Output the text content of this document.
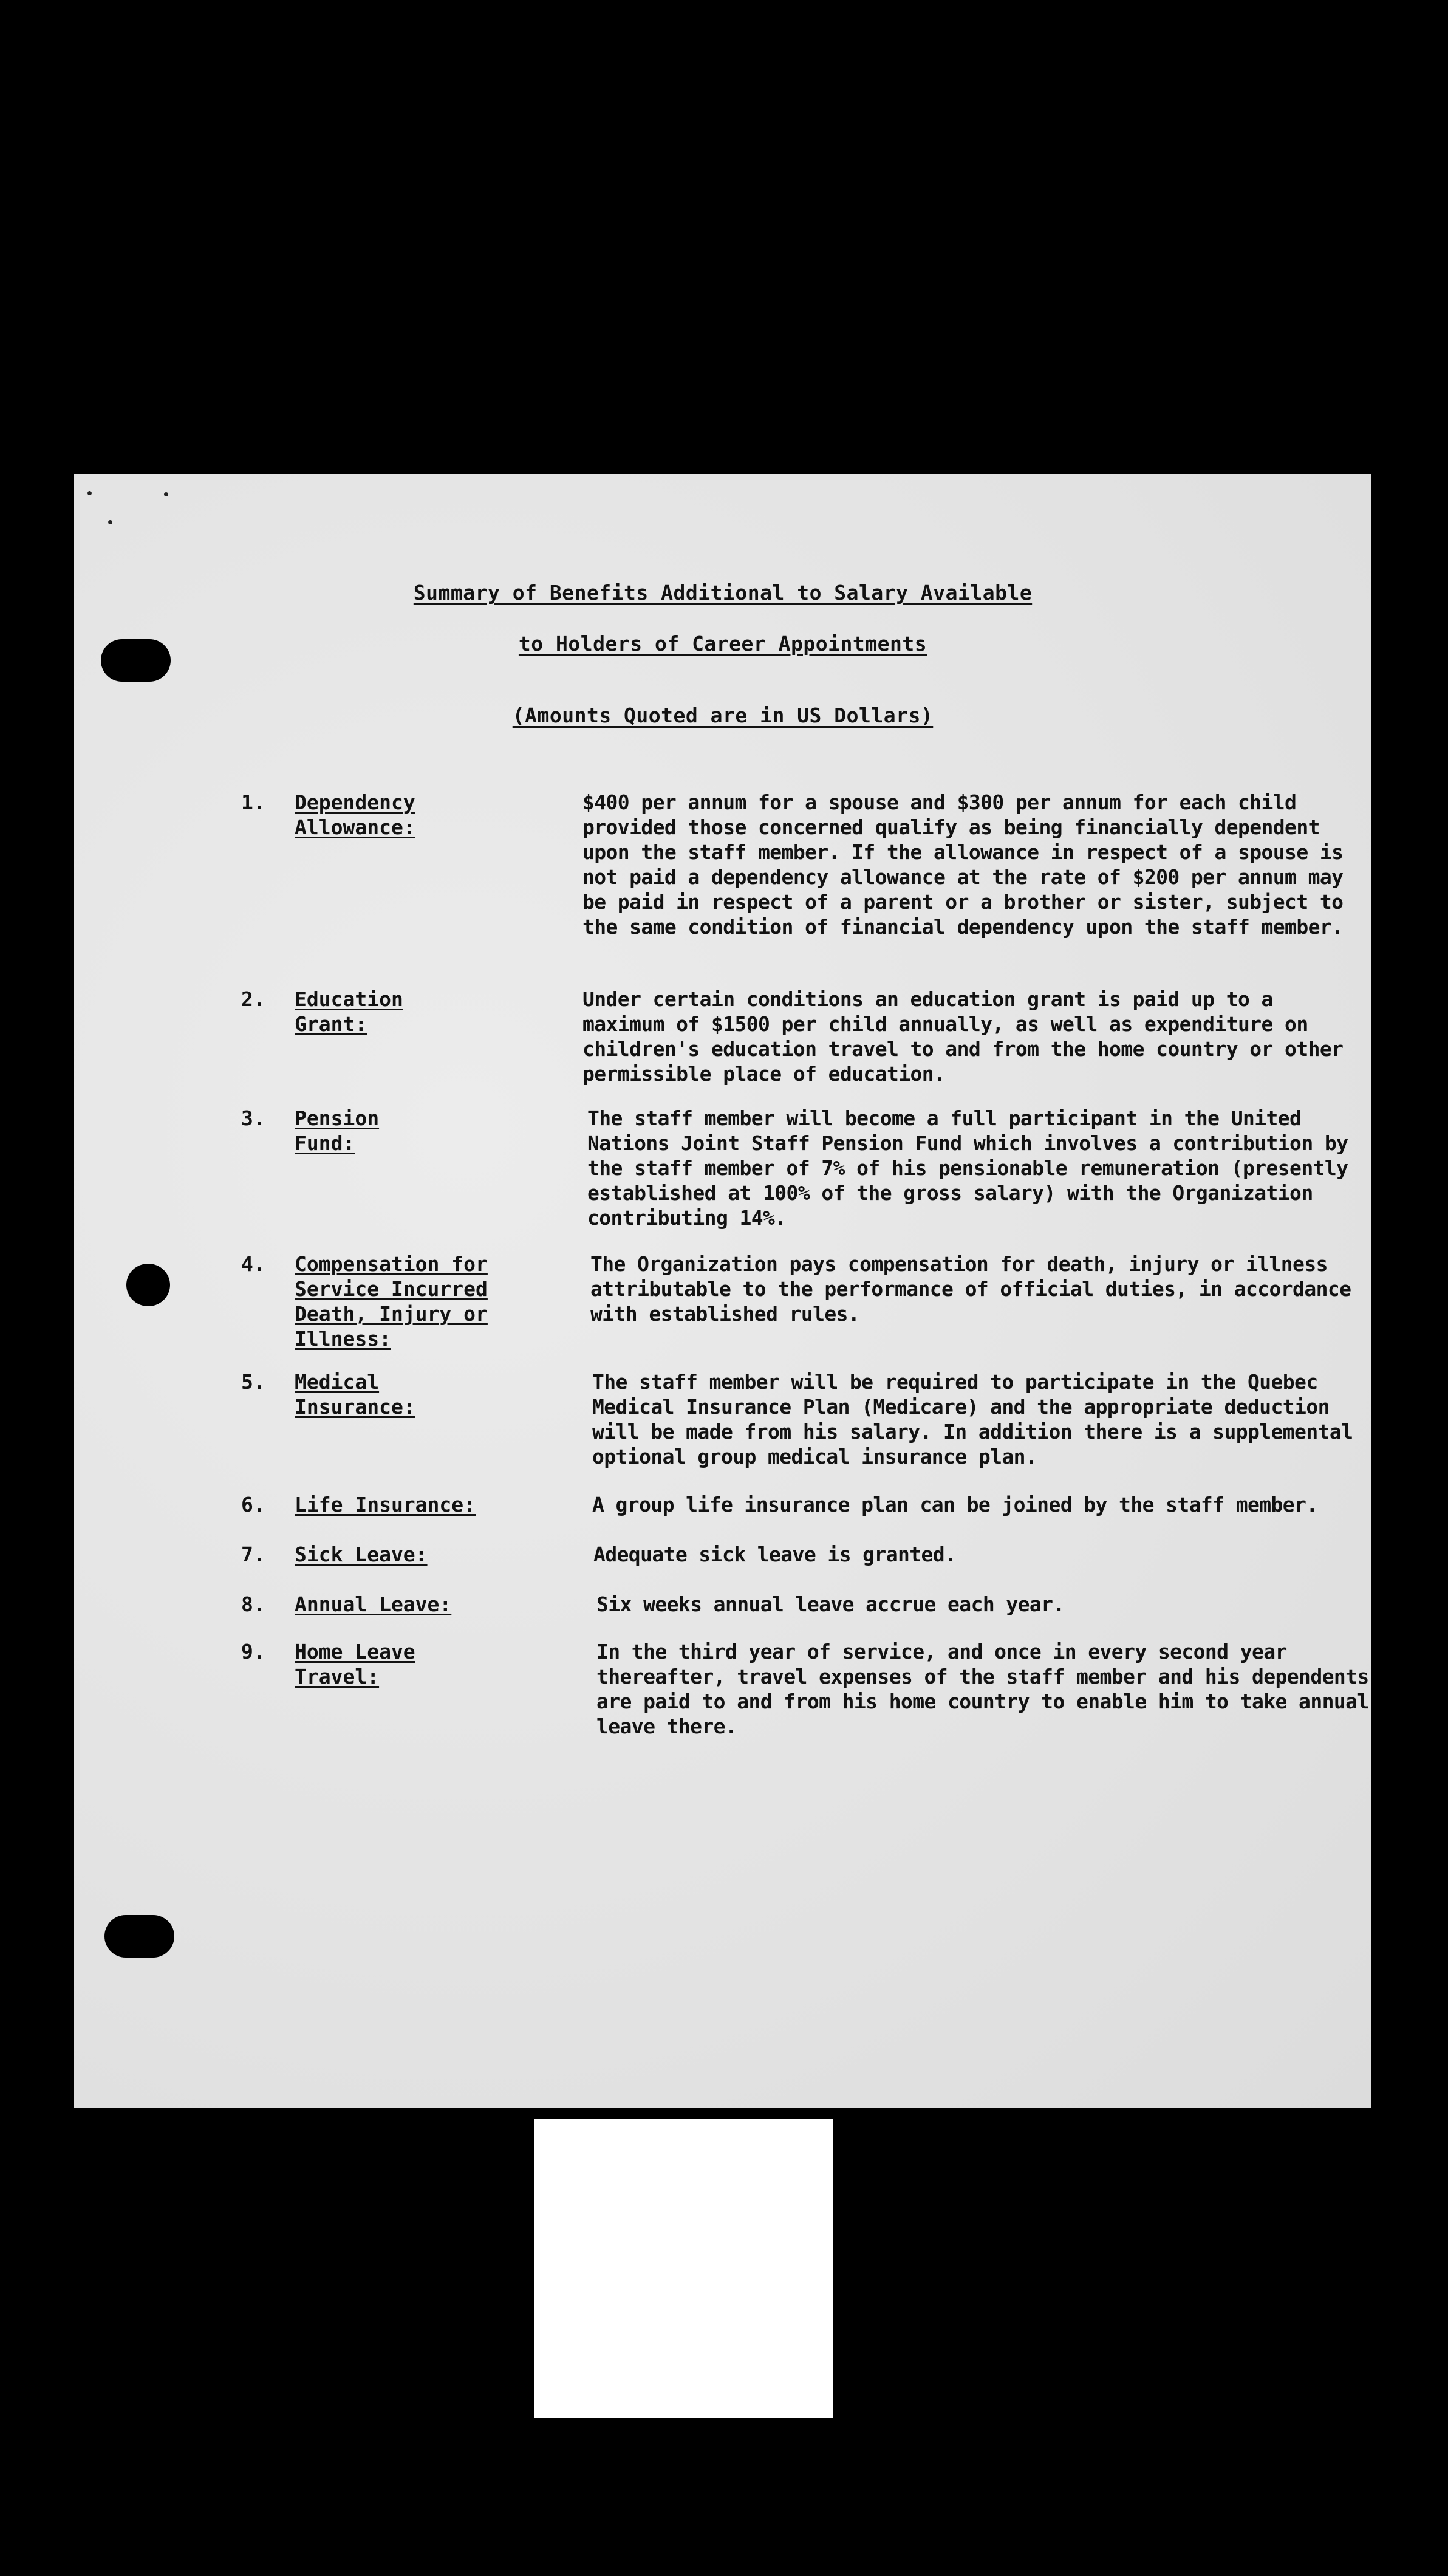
Summary of Benefits Additional to Salary Available
to Holders of Career Appointments
(Amounts Quoted are in US Dollars)
1.	Dependency Allowance:
$400 per annum for a spouse and $300 per annum for each child provided those concerned qualify as being financially dependent upon the staff member. If the allowance in respect of a spouse is not paid a dependency allowance at the rate of $200 per annum may be paid in respect of a parent or a brother or sister, subject to the same condition of financial dependency upon the staff member.
2.	Education Grant:
Under certain conditions an education grant is paid up to a maximum of $1500 per child annually, as well as expenditure on children's education travel to and from the home country or other permissible place of education.
3.	Pension Fund:
The staff member will become a full participant in the United Nations Joint Staff Pension Fund which involves a contribution by the staff member of 7% of his pensionable remuneration (presently established at 100% of the gross salary) with the Organization contributing 14%.
4.	Compensation for Service Incurred Death, Injury or Illness:
The Organization pays compensation for death, injury or illness attributable to the performance of official duties, in accordance with established rules.
5.	Medical Insurance:
The staff member will be required to participate in the Quebec Medical Insurance Plan (Medicare) and the appropriate deduction will be made from his salary. In addition there is a supplemental optional group medical insurance plan.
6.	Life Insurance:	A group life insurance plan can be joined by the staff member.
7.	Sick Leave:	Adequate sick leave is granted.
8.	Annual Leave:	Six weeks annual leave accrue each year.
9.	Home Leave Travel:
In the third year of service, and once in every second year thereafter, travel expenses of the staff member and his dependents are paid to and from his home country to enable him to take annual leave there.
